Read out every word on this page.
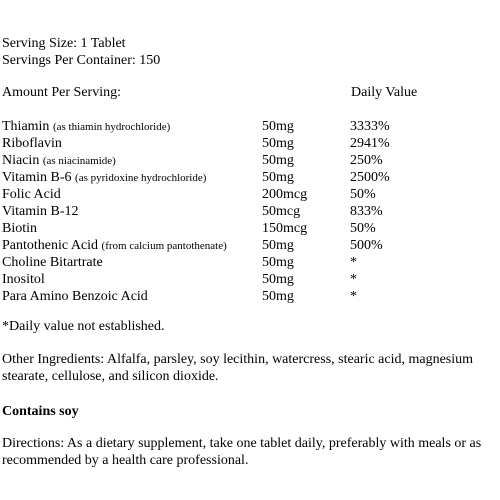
Serving Size: 1 Tablet
Servings Per Container: 150
Amount Per Serving:	Daily Value
Thiamin (as thiamin hydrochloride)	50mg	3333%
Riboflavin	50mg	2941%
Niacin (as niacinamide)	50mg	250%
Vitamin B-6 (as pyridoxine hydrochloride)	50mg	2500%
Folic Acid	200mcg	50%
Vitamin B-12	50mcg	833%
Biotin	150mcg	50%
Pantothenic Acid (from calcium pantothenate)	50mg	500%
Choline Bitartrate	50mg	*
Inositol	50mg	*
Para Amino Benzoic Acid	50mg	*
*Daily value not established.
Other Ingredients: Alfalfa, parsley, soy lecithin, watercress, stearic acid, magnesium
stearate, cellulose, and silicon dioxide.
Contains soy
Directions: As a dietary supplement, take one tablet daily, preferably with meals or as
recommended by a health care professional.
